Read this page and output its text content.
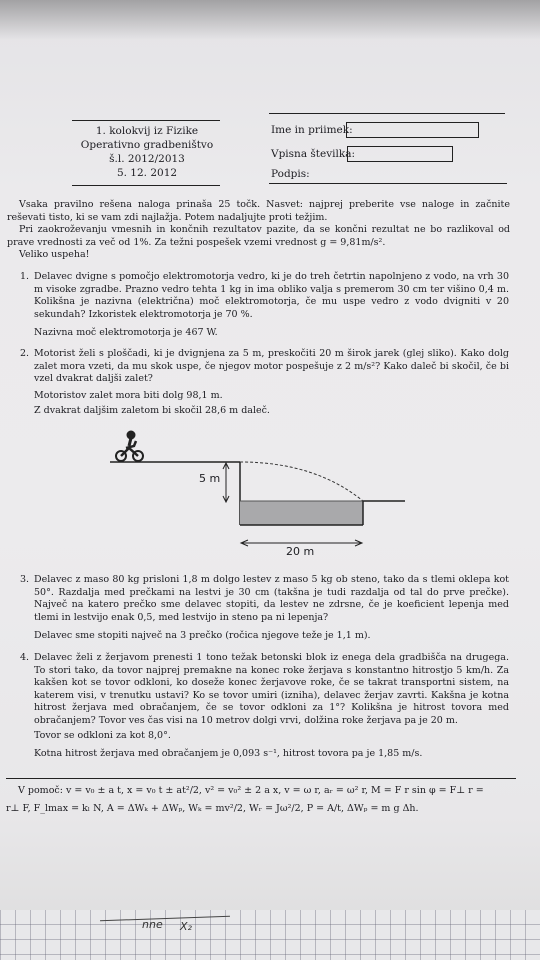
1. kolokvij iz Fizike
Operativno gradbeništvo
š.l. 2012/2013
5. 12. 2012
Ime in priimek:
Vpisna številka:
Podpis:
Vsaka pravilno rešena naloga prinaša 25 točk. Nasvet: najprej preberite vse naloge in začnite reševati tisto, ki se vam zdi najlažja. Potem nadaljujte proti težjim.
Pri zaokroževanju vmesnih in končnih rezultatov pazite, da se končni rezultat ne bo razlikoval od prave vrednosti za več od 1%. Za težni pospešek vzemi vrednost g = 9,81m/s².
Veliko uspeha!
1. Delavec dvigne s pomočjo elektromotorja vedro, ki je do treh četrtin napolnjeno z vodo, na vrh 30 m visoke zgradbe. Prazno vedro tehta 1 kg in ima obliko valja s premerom 30 cm ter višino 0,4 m. Kolikšna je nazivna (električna) moč elektromotorja, če mu uspe vedro z vodo dvigniti v 20 sekundah? Izkoristek elektromotorja je 70 %.
Nazivna moč elektromotorja je 467 W.
2. Motorist želi s ploščadi, ki je dvignjena za 5 m, preskočiti 20 m širok jarek (glej sliko). Kako dolg zalet mora vzeti, da mu skok uspe, če njegov motor pospešuje z 2 m/s²? Kako daleč bi skočil, če bi vzel dvakrat daljši zalet?
Motoristov zalet mora biti dolg 98,1 m.
Z dvakrat daljšim zaletom bi skočil 28,6 m daleč.
5 m
20 m
3. Delavec z maso 80 kg prisloni 1,8 m dolgo lestev z maso 5 kg ob steno, tako da s tlemi oklepa kot 50°. Razdalja med prečkami na lestvi je 30 cm (takšna je tudi razdalja od tal do prve prečke). Največ na katero prečko sme delavec stopiti, da lestev ne zdrsne, če je koeficient lepenja med tlemi in lestvijo enak 0,5, med lestvijo in steno pa ni lepenja?
Delavec sme stopiti največ na 3 prečko (ročica njegove teže je 1,1 m).
4. Delavec želi z žerjavom prenesti 1 tono težak betonski blok iz enega dela gradbišča na drugega. To stori tako, da tovor najprej premakne na konec roke žerjava s konstantno hitrostjo 5 km/h. Za kakšen kot se tovor odkloni, ko doseže konec žerjavove roke, če se takrat transportni sistem, na katerem visi, v trenutku ustavi? Ko se tovor umiri (izniha), delavec žerjav zavrti. Kakšna je kotna hitrost žerjava med obračanjem, če se tovor odkloni za 1°? Kolikšna je hitrost tovora med obračanjem? Tovor ves čas visi na 10 metrov dolgi vrvi, dolžina roke žerjava pa je 20 m.
Tovor se odkloni za kot 8,0°.
Kotna hitrost žerjava med obračanjem je 0,093 s⁻¹, hitrost tovora pa je 1,85 m/s.
V pomoč: v = v₀ ± a t, x = v₀ t ± at²/2, v² = v₀² ± 2 a x, v = ω r, aᵣ = ω² r, M = F r sin φ = F⊥ r =
r⊥ F, F_lmax = kₗ N, A = ΔWₖ + ΔWₚ, Wₖ = mv²/2, Wᵣ = Jω²/2, P = A/t, ΔWₚ = m g Δh.
nne X₂
